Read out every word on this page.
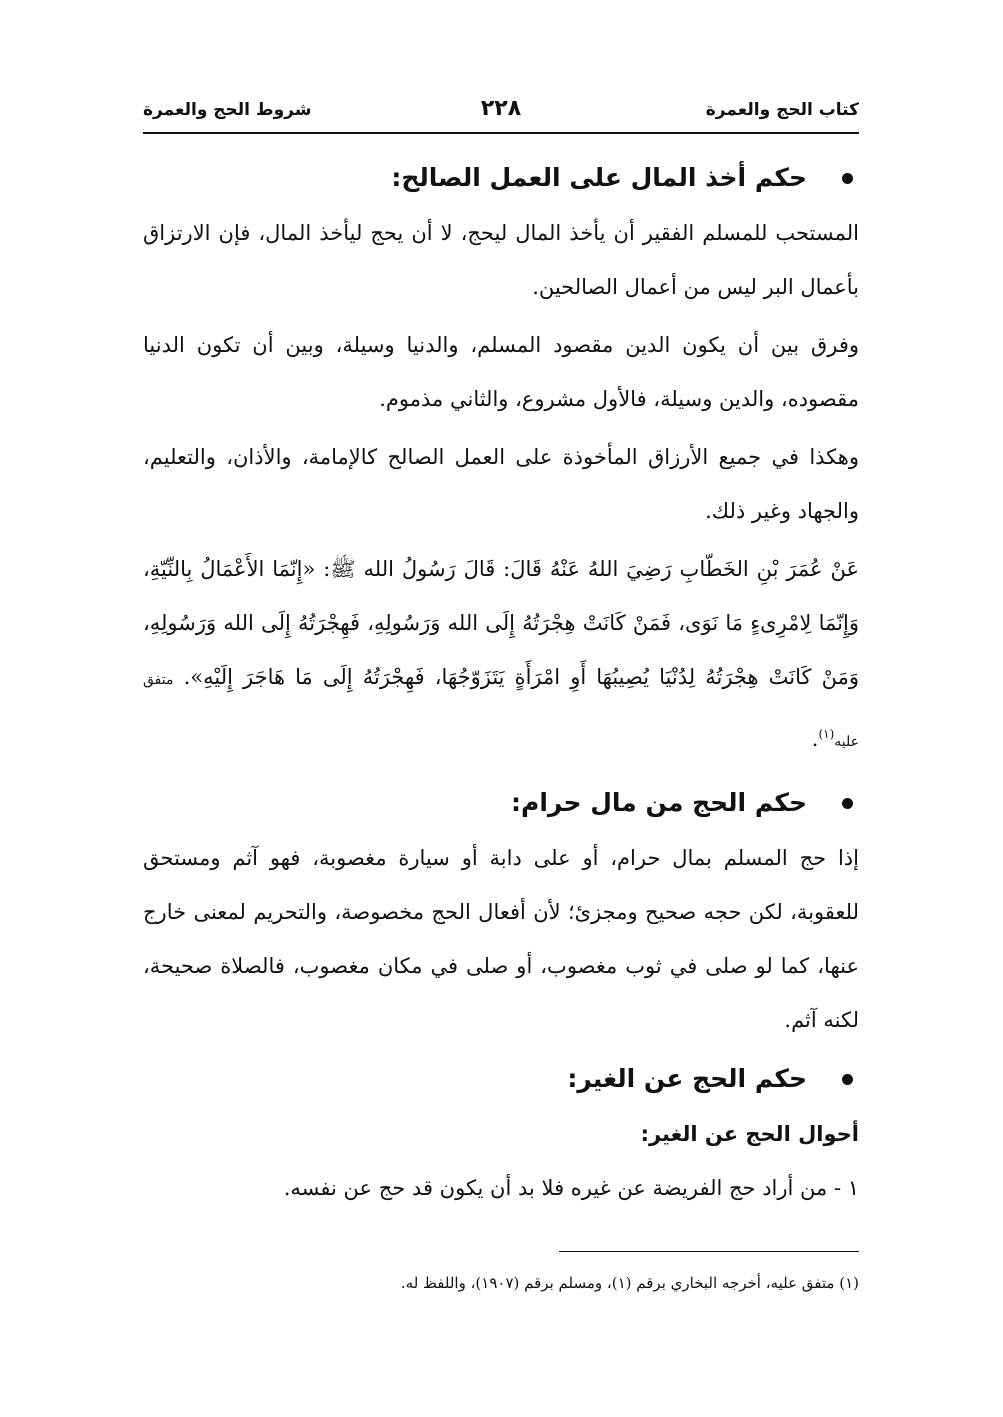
كتاب الحج والعمرة
٢٢٨
شروط الحج والعمرة
حكم أخذ المال على العمل الصالح:

المستحب للمسلم الفقير أن يأخذ المال ليحج، لا أن يحج ليأخذ المال، فإن الارتزاق بأعمال البر ليس من أعمال الصالحين.

وفرق بين أن يكون الدين مقصود المسلم، والدنيا وسيلة، وبين أن تكون الدنيا مقصوده، والدين وسيلة، فالأول مشروع، والثاني مذموم.

وهكذا في جميع الأرزاق المأخوذة على العمل الصالح كالإمامة، والأذان، والتعليم، والجهاد وغير ذلك.

عَنْ عُمَرَ بْنِ الخَطّابِ رَضِيَ اللهُ عَنْهُ قَالَ: قَالَ رَسُولُ الله ﷺ: «إِنّمَا الأَعْمَالُ بِالنِّيّةِ، وَإِنّمَا لِامْرِىءٍ مَا نَوَى، فَمَنْ كَانَتْ هِجْرَتُهُ إِلَى الله وَرَسُولِهِ، فَهِجْرَتُهُ إِلَى الله وَرَسُولِهِ، وَمَنْ كَانَتْ هِجْرَتُهُ لِدُنْيَا يُصِيبُهَا أَوِ امْرَأَةٍ يَتَزَوّجُهَا، فَهِجْرَتُهُ إِلَى مَا هَاجَرَ إِلَيْهِ». متفق عليه$^{(١)}$.

حكم الحج من مال حرام:

إذا حج المسلم بمال حرام، أو على دابة أو سيارة مغصوبة، فهو آثم ومستحق للعقوبة، لكن حجه صحيح ومجزئ؛ لأن أفعال الحج مخصوصة، والتحريم لمعنى خارج عنها، كما لو صلى في ثوب مغصوب، أو صلى في مكان مغصوب، فالصلاة صحيحة، لكنه آثم.

حكم الحج عن الغير:
أحوال الحج عن الغير:
١ - من أراد حج الفريضة عن غيره فلا بد أن يكون قد حج عن نفسه.
(١) متفق عليه، أخرجه البخاري برقم (١)، ومسلم برقم (١٩٠٧)، واللفظ له.
